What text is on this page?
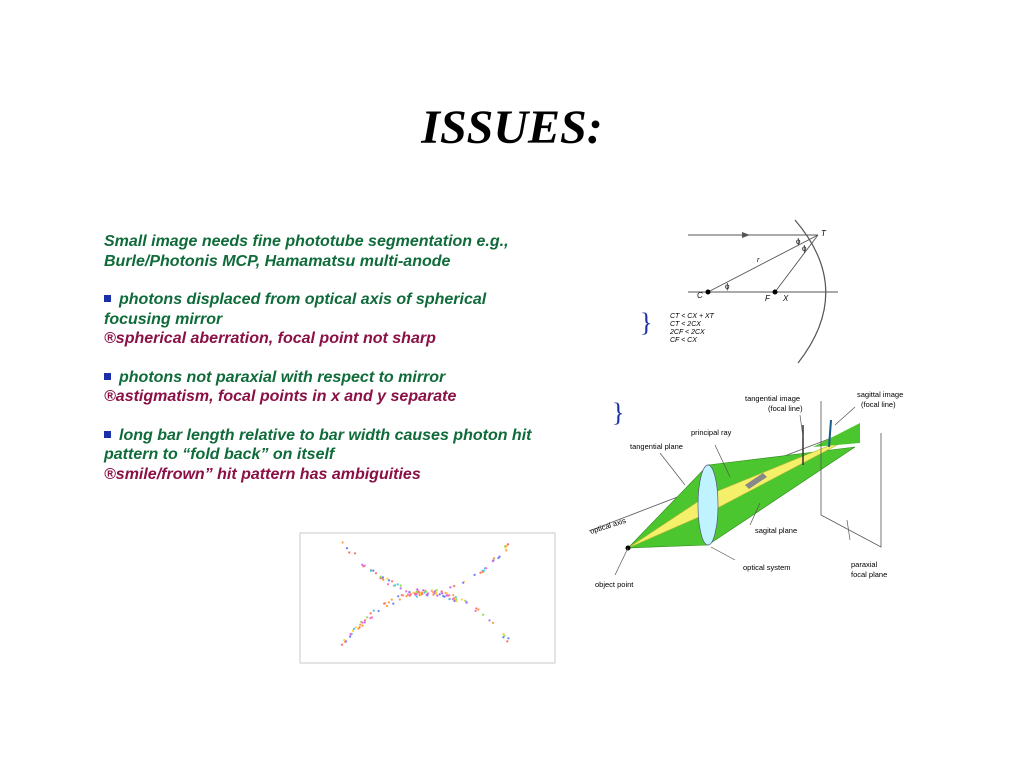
ISSUES:

Small image needs fine phototube segmentation e.g.,
Burle/Photonis MCP, Hamamatsu multi-anode

photons displaced from optical axis of spherical
focusing mirror
®spherical aberration, focal point not sharp

photons not paraxial with respect to mirror
®astigmatism, focal points in x and y separate

long bar length relative to bar width causes photon hit
pattern to “fold back” on itself
®smile/frown” hit pattern has ambiguities

}
T
C	F X
r
ϕ
ϕ
ϕ
CT < CX + XT
CT < 2CX
2CF < 2CX
CF < CX
}	tangential image
(focal line)
sagittal image
(focal line)
principal ray
tangential plane
optical axis	sagital plane
optical system
object point
paraxial
focal plane
